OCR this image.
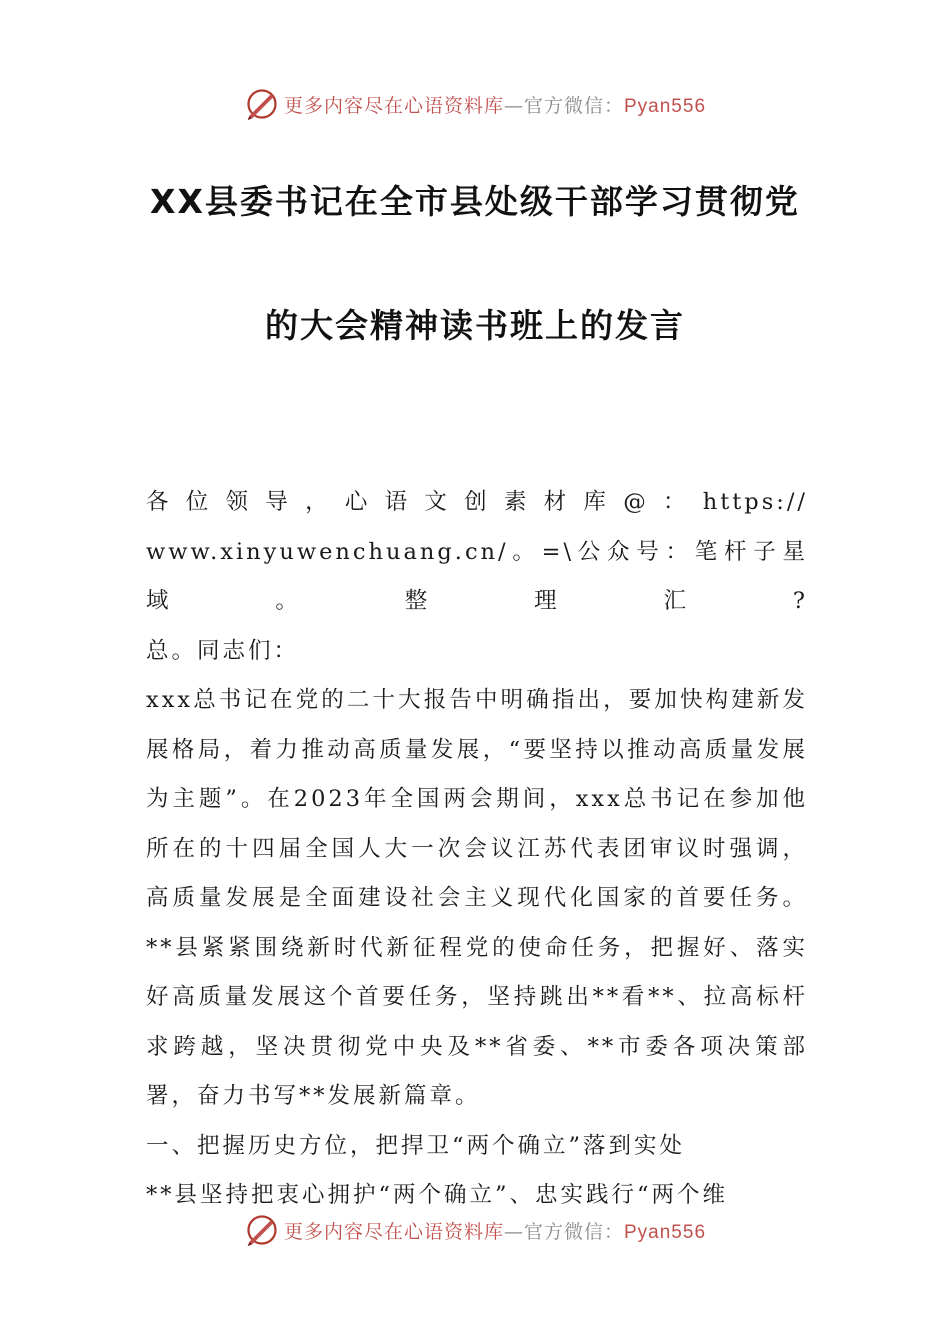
更多内容尽在心语资料库—官方微信：Pyan556
XX县委书记在全市县处级干部学习贯彻党
的大会精神读书班上的发言

各位领导，心语文创素材库@：https://

www.xinyuwenchuang.cn/。=\公众号：笔杆子星域。整理汇?

总。同志们：

xxx总书记在党的二十大报告中明确指出，要加快构建新发展格局，着力推动高质量发展，“要坚持以推动高质量发展为主题”。在2023年全国两会期间，xxx总书记在参加他所在的十四届全国人大一次会议江苏代表团审议时强调，高质量发展是全面建设社会主义现代化国家的首要任务。**县紧紧围绕新时代新征程党的使命任务，把握好、落实好高质量发展这个首要任务，坚持跳出**看**、拉高标杆求跨越，坚决贯彻党中央及**省委、**市委各项决策部署，奋力书写**发展新篇章。

一、把握历史方位，把捍卫“两个确立”落到实处

**县坚持把衷心拥护“两个确立”、忠实践行“两个维

更多内容尽在心语资料库—官方微信：Pyan556
